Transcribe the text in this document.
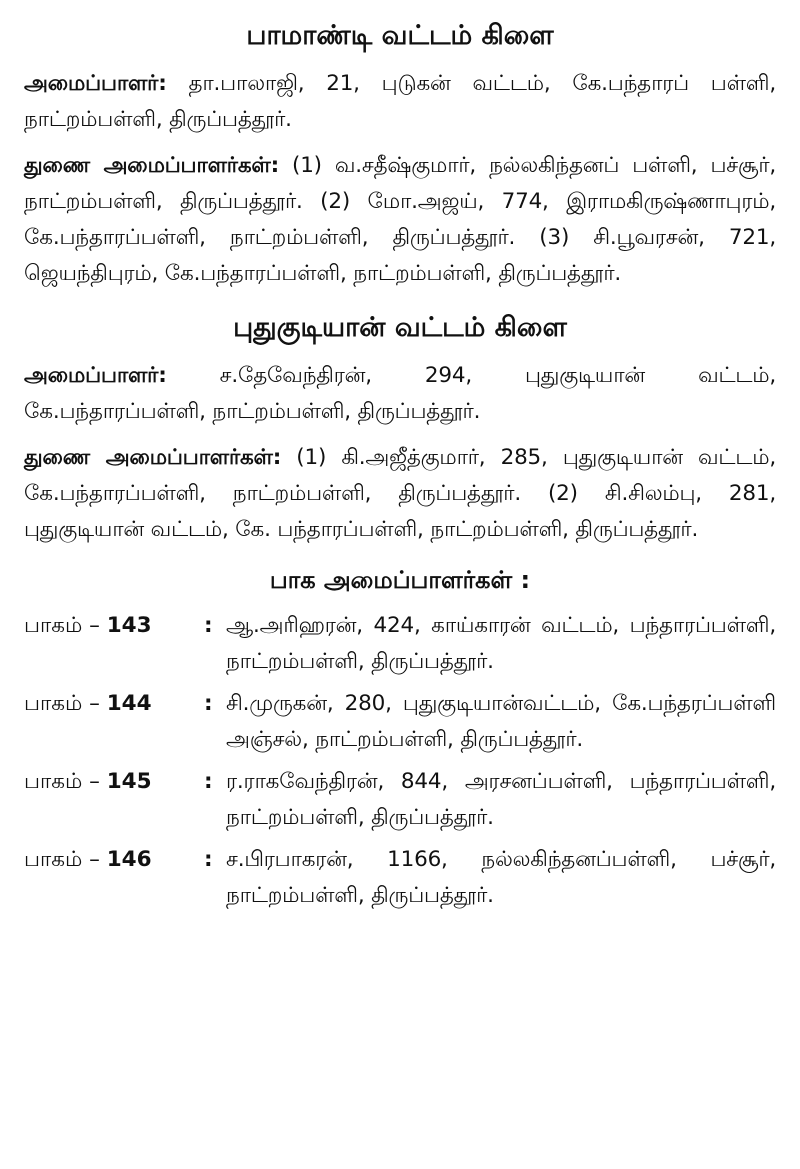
பாமாண்டி வட்டம் கிளை

அமைப்பாளர்: தா.பாலாஜி, 21, புடுகன் வட்டம், கே.பந்தாரப் பள்ளி, நாட்றம்பள்ளி, திருப்பத்தூர்.

துணை அமைப்பாளர்கள்: (1) வ.சதீஷ்குமார், நல்லகிந்தனப் பள்ளி, பச்சூர், நாட்றம்பள்ளி, திருப்பத்தூர். (2) மோ.அஜய், 774, இராமகிருஷ்ணாபுரம், கே.பந்தாரப்பள்ளி, நாட்றம்பள்ளி, திருப்பத்தூர். (3) சி.பூவரசன், 721, ஜெயந்திபுரம், கே.பந்தாரப்பள்ளி, நாட்றம்பள்ளி, திருப்பத்தூர்.

புதுகுடியான் வட்டம் கிளை

அமைப்பாளர்: ச.தேவேந்திரன், 294, புதுகுடியான் வட்டம், கே.பந்தாரப்பள்ளி, நாட்றம்பள்ளி, திருப்பத்தூர்.

துணை அமைப்பாளர்கள்: (1) கி.அஜீத்குமார், 285, புதுகுடியான் வட்டம், கே.பந்தாரப்பள்ளி, நாட்றம்பள்ளி, திருப்பத்தூர். (2) சி.சிலம்பு, 281, புதுகுடியான் வட்டம், கே. பந்தாரப்பள்ளி, நாட்றம்பள்ளி, திருப்பத்தூர்.

பாக அமைப்பாளர்கள் :
பாகம் – 143	: ஆ.அரிஹரன், 424, காய்காரன் வட்டம், பந்தாரப்பள்ளி, நாட்றம்பள்ளி, திருப்பத்தூர்.
பாகம் – 144	: சி.முருகன், 280, புதுகுடியான்வட்டம், கே.பந்தரப்பள்ளி அஞ்சல், நாட்றம்பள்ளி, திருப்பத்தூர்.
பாகம் – 145	: ர.ராகவேந்திரன், 844, அரசனப்பள்ளி, பந்தாரப்பள்ளி, நாட்றம்பள்ளி, திருப்பத்தூர்.
பாகம் – 146	: ச.பிரபாகரன், 1166, நல்லகிந்தனப்பள்ளி, பச்சூர், நாட்றம்பள்ளி, திருப்பத்தூர்.
